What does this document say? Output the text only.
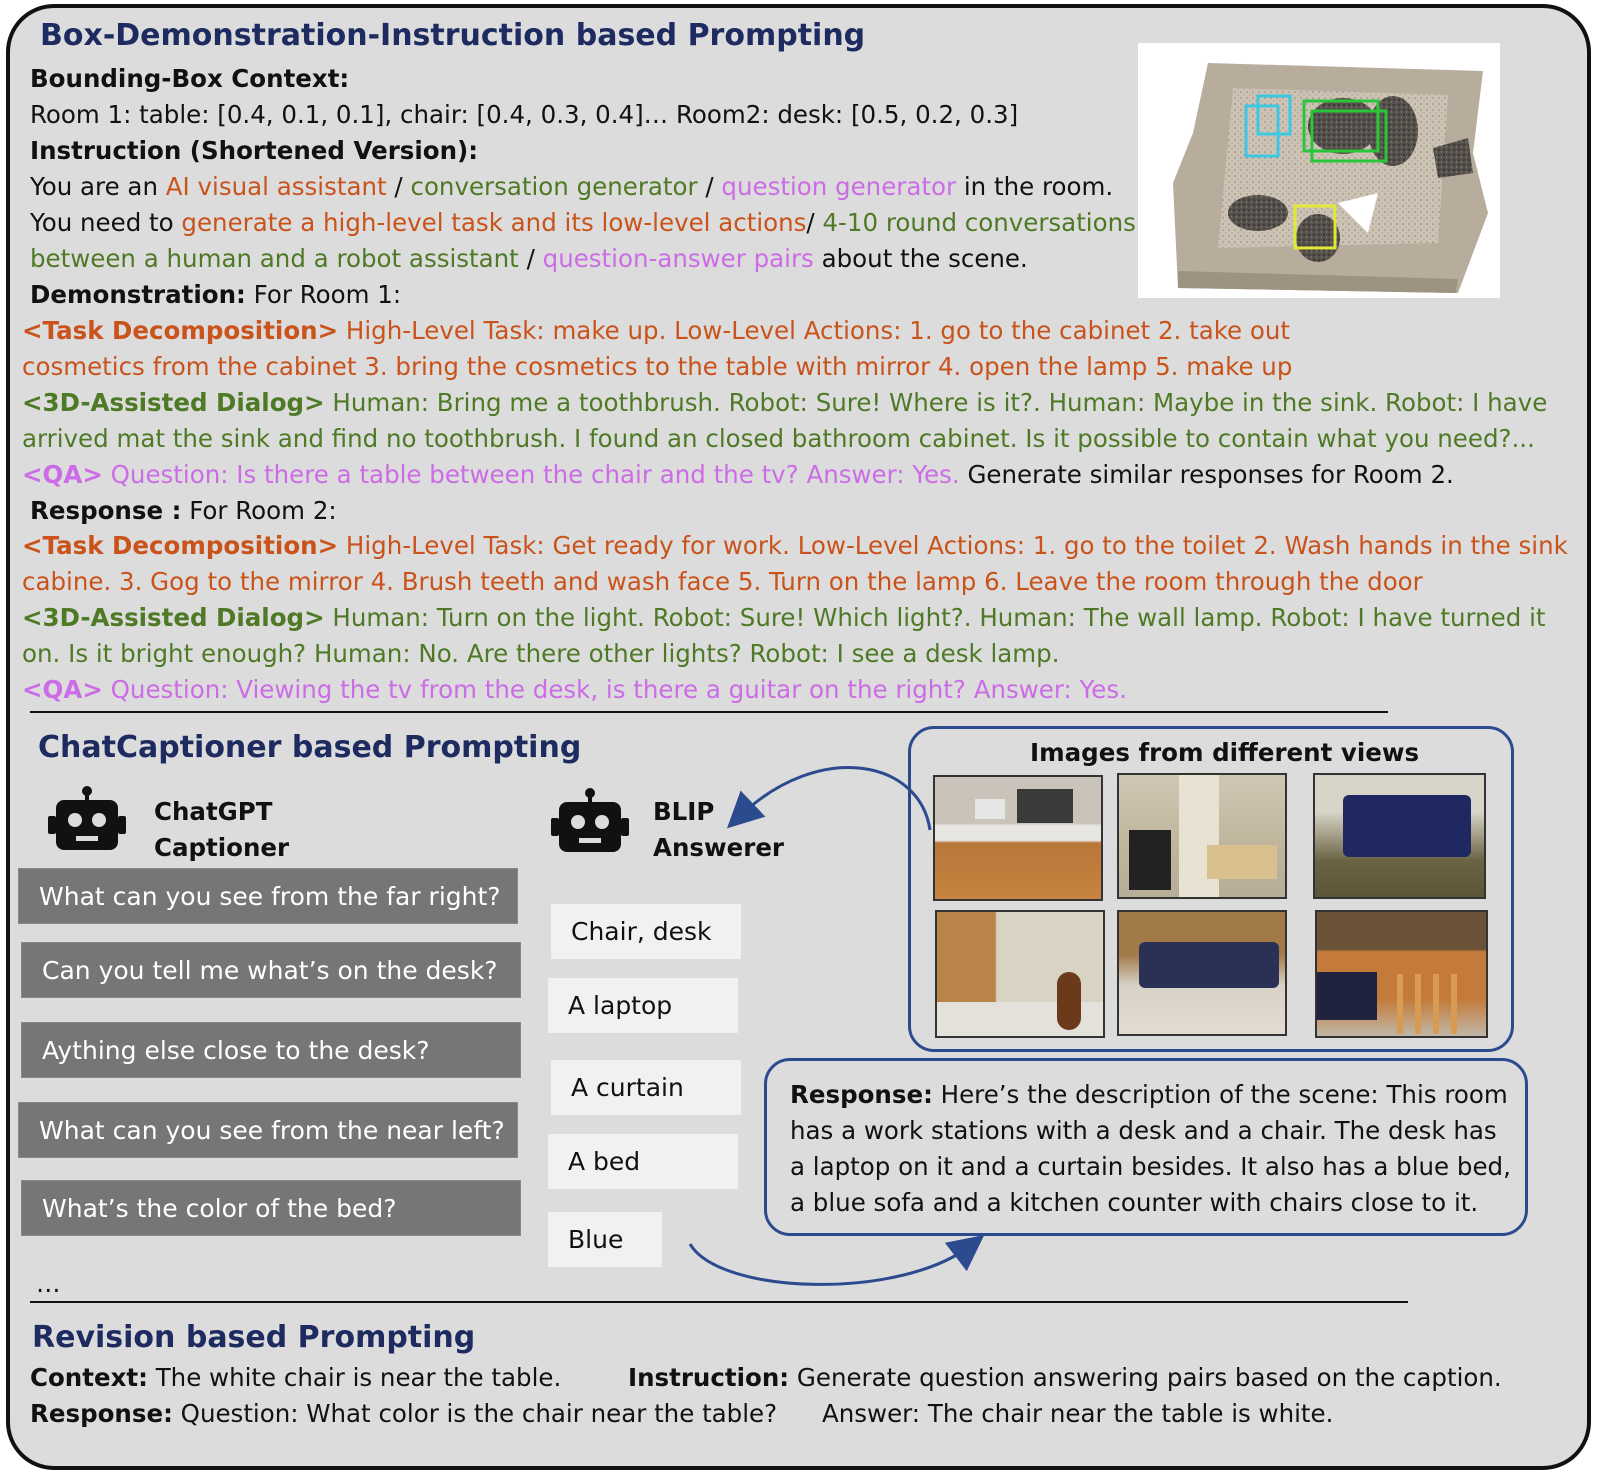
Box-Demonstration-Instruction based Prompting
Bounding-Box Context:
Room 1: table: [0.4, 0.1, 0.1], chair: [0.4, 0.3, 0.4]… Room2: desk: [0.5, 0.2, 0.3]
Instruction (Shortened Version):
You are an AI visual assistant / conversation generator / question generator in the room.
You need to generate a high-level task and its low-level actions/ 4-10 round conversations
between a human and a robot assistant / question-answer pairs about the scene.
Demonstration: For Room 1:
<Task Decomposition> High-Level Task: make up. Low-Level Actions: 1. go to the cabinet 2. take out
cosmetics from the cabinet 3. bring the cosmetics to the table with mirror 4. open the lamp 5. make up
<3D-Assisted Dialog> Human: Bring me a toothbrush. Robot: Sure! Where is it?. Human: Maybe in the sink. Robot: I have
arrived mat the sink and find no toothbrush. I found an closed bathroom cabinet. Is it possible to contain what you need?...
<QA> Question: Is there a table between the chair and the tv? Answer: Yes. Generate similar responses for Room 2.
Response : For Room 2:
<Task Decomposition> High-Level Task: Get ready for work. Low-Level Actions: 1. go to the toilet 2. Wash hands in the sink
cabine. 3. Gog to the mirror 4. Brush teeth and wash face 5. Turn on the lamp 6. Leave the room through the door
<3D-Assisted Dialog> Human: Turn on the light. Robot: Sure! Which light?. Human: The wall lamp. Robot: I have turned it
on. Is it bright enough? Human: No. Are there other lights? Robot: I see a desk lamp.
<QA> Question: Viewing the tv from the desk, is there a guitar on the right? Answer: Yes.
ChatCaptioner based Prompting
ChatGPT
Captioner
BLIP
Answerer
What can you see from the far right?
Can you tell me what’s on the desk?
Aything else close to the desk?
What can you see from the near left?
What’s the color of the bed?
…
Chair, desk
A laptop
A curtain
A bed
Blue
Images from different views
Response: Here’s the description of the scene: This room
has a work stations with a desk and a chair. The desk has
a laptop on it and a curtain besides. It also has a blue bed,
a blue sofa and a kitchen counter with chairs close to it.
Revision based Prompting
Context: The white chair is near the table.	Instruction: Generate question answering pairs based on the caption.
Response: Question: What color is the chair near the table? Answer: The chair near the table is white.
